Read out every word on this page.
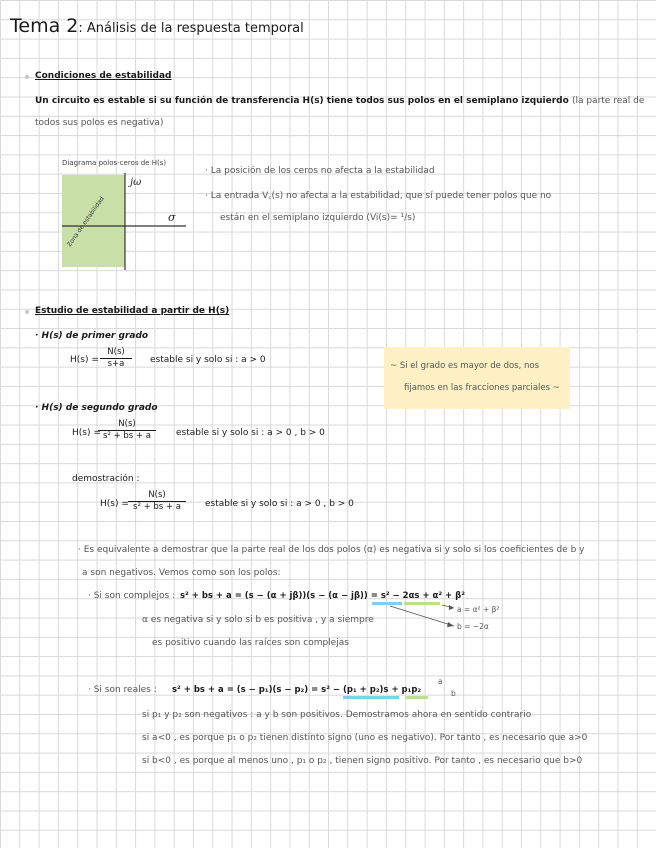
Tema 2: Análisis de la respuesta temporal
Condiciones de estabilidad
Un circuito es estable si su función de transferencia H(s) tiene todos sus polos en el semiplano izquierdo (la parte real de
todos sus polos es negativa)
Diagrama polos-ceros de H(s)
jω
σ
Zona de estabilidad
· La posición de los ceros no afecta a la estabilidad
· La entrada V꜀(s) no afecta a la estabilidad, que sí puede tener polos que no
están en el semiplano izquierdo (Vi(s)= ¹/s)
Estudio de estabilidad a partir de H(s)
· H(s) de primer grado
$H(s) = \frac{N(s)}{s+a}$ estable si y solo si : a > 0
~ Si el grado es mayor de dos, nos
fijamos en las fracciones parciales ~
· H(s) de segundo grado
H(s) =
$\frac{N(s)}{\text{s² + bs + a}}$ estable si y solo si : a > 0 , b > 0
demostración :
$H(s) = \frac{N(s)}{\text{s² + bs + a}}$ estable si y solo si : a > 0 , b > 0
· Es equivalente a demostrar que la parte real de los dos polos (α) es negativa si y solo si los coeficientes de b y
a son negativos. Vemos como son los polos:
· Si son complejos : s² + bs + a = (s − (α + jβ))(s − (α − jβ)) = s² − 2αs + α² + β²
a = α² + β²
b = −2α
α es negativa si y solo si b es positiva , y a siempre
es positivo cuando las raíces son complejas
· Si son reales : s² + bs + a = (s − p₁)(s − p₂) = s² − (p₁ + p₂)s + p₁p₂
a
b
si p₁ y p₂ son negativos : a y b son positivos. Demostramos ahora en sentido contrario
si a<0 , es porque p₁ o p₂ tienen distinto signo (uno es negativo). Por tanto , es necesario que a>0
si b<0 , es porque al menos uno , p₁ o p₂ , tienen signo positivo. Por tanto , es necesario que b>0
